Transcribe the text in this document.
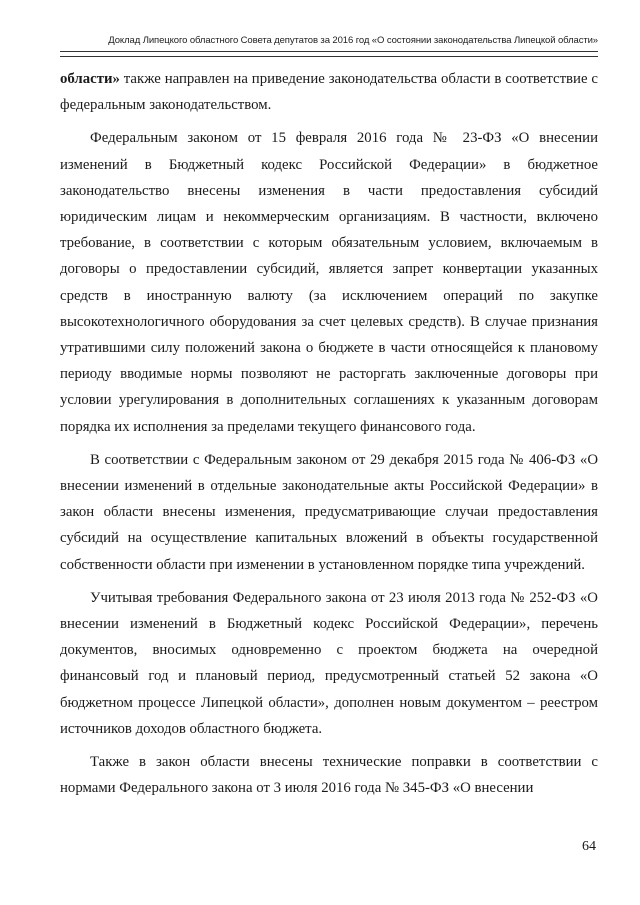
Доклад Липецкого областного Совета депутатов за 2016 год «О состоянии законодательства Липецкой области»

области» также направлен на приведение законодательства области в соответствие с федеральным законодательством.

Федеральным законом от 15 февраля 2016 года № 23-ФЗ «О внесении изменений в Бюджетный кодекс Российской Федерации» в бюджетное законодательство внесены изменения в части предоставления субсидий юридическим лицам и некоммерческим организациям. В частности, включено требование, в соответствии с которым обязательным условием, включаемым в договоры о предоставлении субсидий, является запрет конвертации указанных средств в иностранную валюту (за исключением операций по закупке высокотехнологичного оборудования за счет целевых средств). В случае признания утратившими силу положений закона о бюджете в части относящейся к плановому периоду вводимые нормы позволяют не расторгать заключенные договоры при условии урегулирования в дополнительных соглашениях к указанным договорам порядка их исполнения за пределами текущего финансового года.

В соответствии с Федеральным законом от 29 декабря 2015 года № 406-ФЗ «О внесении изменений в отдельные законодательные акты Российской Федерации» в закон области внесены изменения, предусматривающие случаи предоставления субсидий на осуществление капитальных вложений в объекты государственной собственности области при изменении в установленном порядке типа учреждений.

Учитывая требования Федерального закона от 23 июля 2013 года № 252-ФЗ «О внесении изменений в Бюджетный кодекс Российской Федерации», перечень документов, вносимых одновременно с проектом бюджета на очередной финансовый год и плановый период, предусмотренный статьей 52 закона «О бюджетном процессе Липецкой области», дополнен новым документом – реестром источников доходов областного бюджета.

Также в закон области внесены технические поправки в соответствии с нормами Федерального закона от 3 июля 2016 года № 345-ФЗ «О внесении

64
